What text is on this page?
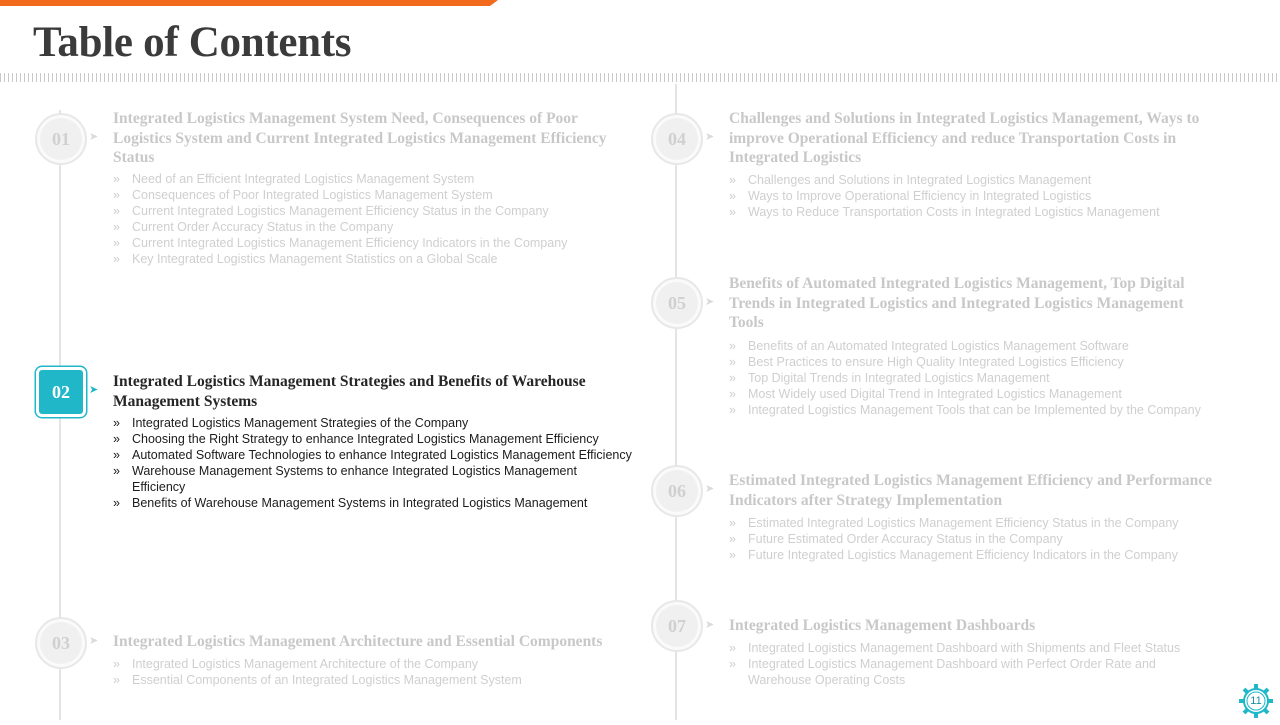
Table of Contents
01	➤
Integrated Logistics Management System Need, Consequences of Poor Logistics System and Current Integrated Logistics Management Efficiency Status
» Need of an Efficient Integrated Logistics Management System
» Consequences of Poor Integrated Logistics Management System
» Current Integrated Logistics Management Efficiency Status in the Company
» Current Order Accuracy Status in the Company
» Current Integrated Logistics Management Efficiency Indicators in the Company
» Key Integrated Logistics Management Statistics on a Global Scale
02	➤ Integrated Logistics Management Strategies and Benefits of Warehouse Management Systems
» Integrated Logistics Management Strategies of the Company
» Choosing the Right Strategy to enhance Integrated Logistics Management Efficiency
» Automated Software Technologies to enhance Integrated Logistics Management Efficiency
» Warehouse Management Systems to enhance Integrated Logistics Management Efficiency
» Benefits of Warehouse Management Systems in Integrated Logistics Management
03	➤ Integrated Logistics Management Architecture and Essential Components
» Integrated Logistics Management Architecture of the Company
» Essential Components of an Integrated Logistics Management System
04	➤
Challenges and Solutions in Integrated Logistics Management, Ways to improve Operational Efficiency and reduce Transportation Costs in Integrated Logistics
» Challenges and Solutions in Integrated Logistics Management
» Ways to Improve Operational Efficiency in Integrated Logistics
» Ways to Reduce Transportation Costs in Integrated Logistics Management
05	➤
Benefits of Automated Integrated Logistics Management, Top Digital Trends in Integrated Logistics and Integrated Logistics Management Tools
» Benefits of an Automated Integrated Logistics Management Software
» Best Practices to ensure High Quality Integrated Logistics Efficiency
» Top Digital Trends in Integrated Logistics Management
» Most Widely used Digital Trend in Integrated Logistics Management
» Integrated Logistics Management Tools that can be Implemented by the Company
06	➤ Estimated Integrated Logistics Management Efficiency and Performance Indicators after Strategy Implementation
» Estimated Integrated Logistics Management Efficiency Status in the Company
» Future Estimated Order Accuracy Status in the Company
» Future Integrated Logistics Management Efficiency Indicators in the Company
07	➤ Integrated Logistics Management Dashboards
» Integrated Logistics Management Dashboard with Shipments and Fleet Status
» Integrated Logistics Management Dashboard with Perfect Order Rate and Warehouse Operating Costs
11
